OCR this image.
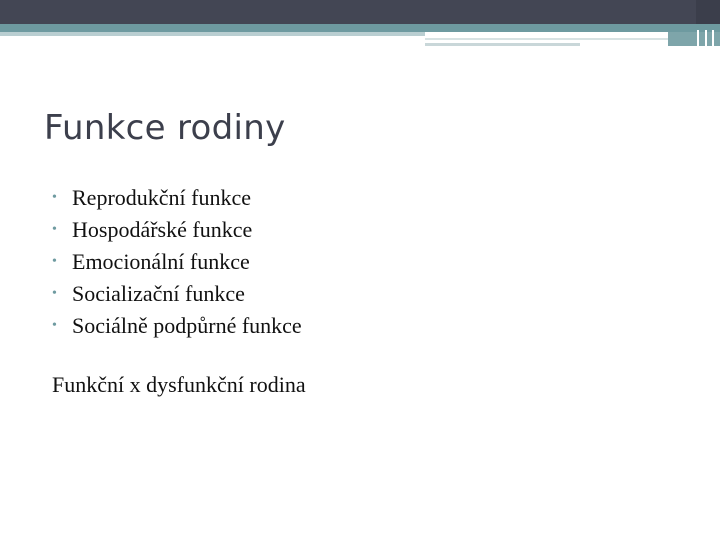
Funkce rodiny
• Reprodukční funkce
• Hospodářské funkce
• Emocionální funkce
• Socializační funkce
• Sociálně podpůrné funkce
Funkční x dysfunkční rodina
